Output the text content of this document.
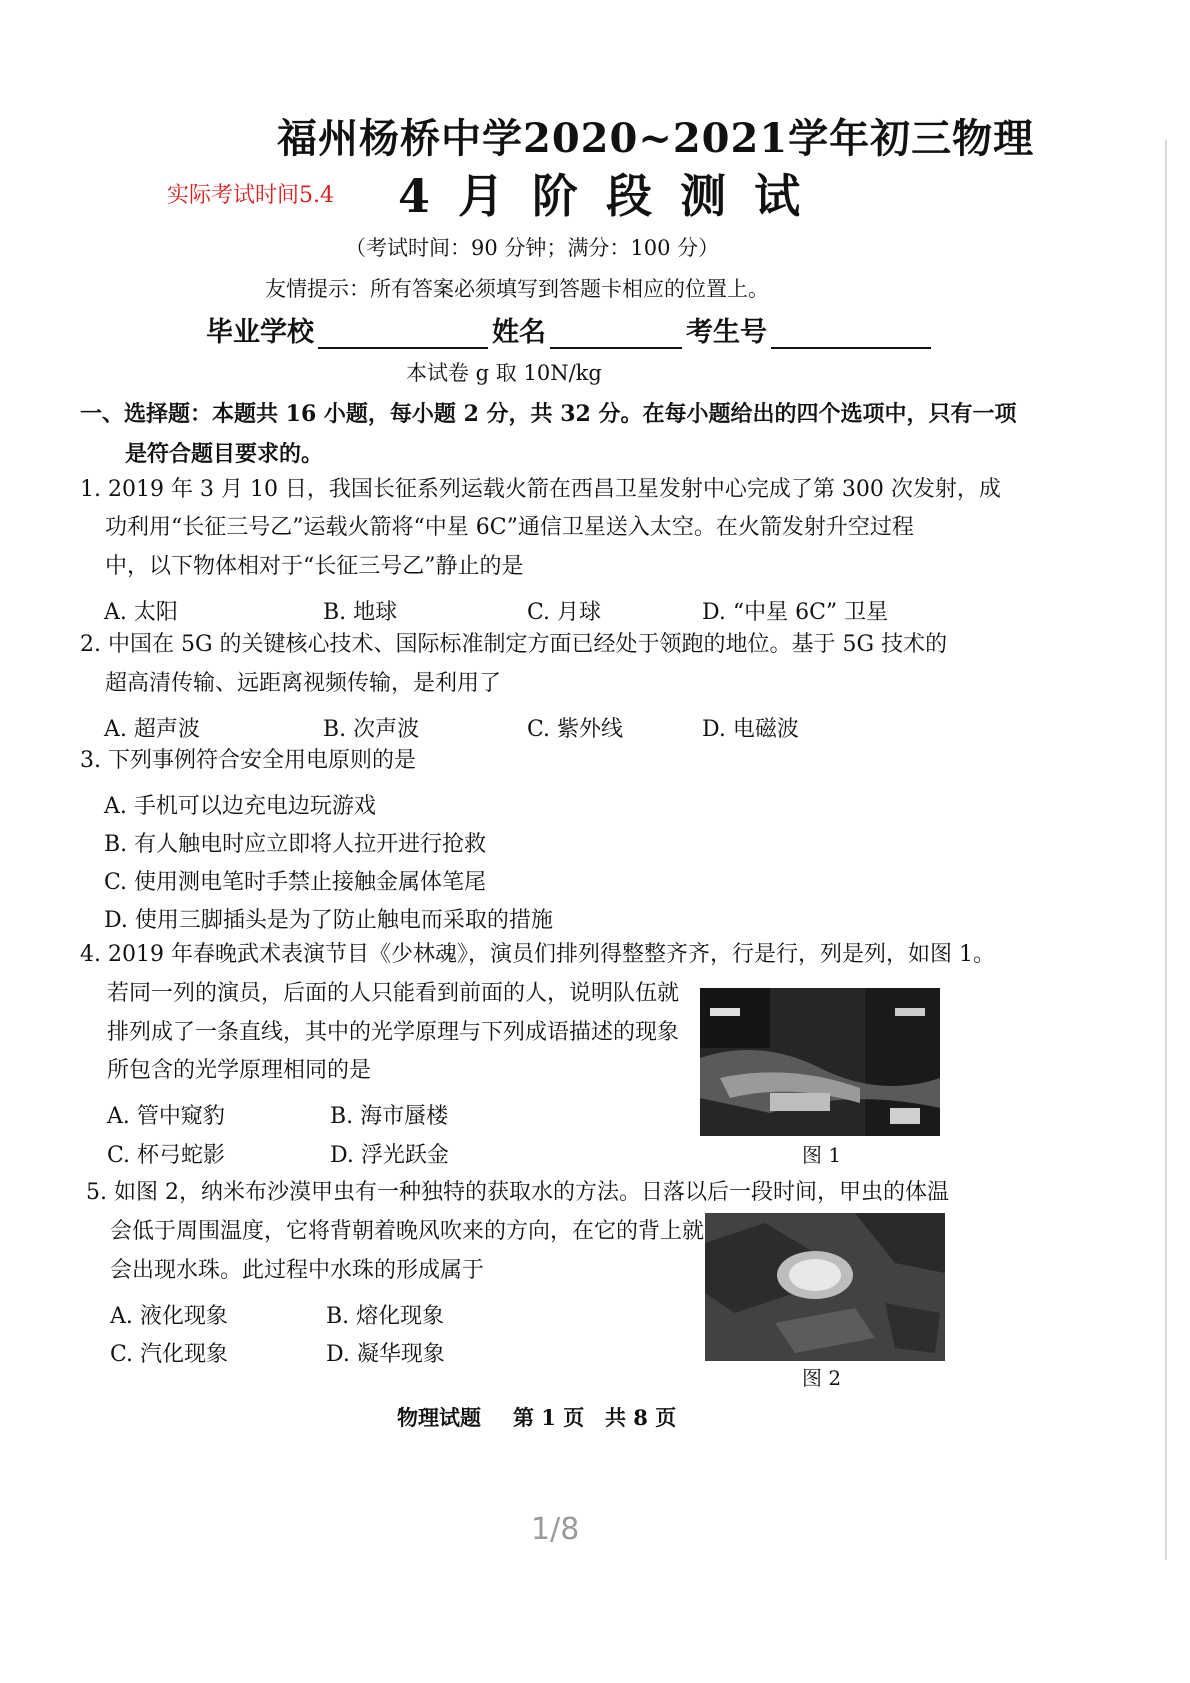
福州杨桥中学2020~2021学年初三物理
实际考试时间5.4 4 月 阶 段 测 试
（考试时间：90 分钟；满分：100 分）
友情提示：所有答案必须填写到答题卡相应的位置上。
毕业学校	姓名	考生号
本试卷 g 取 10N/kg
一、选择题：本题共 16 小题，每小题 2 分，共 32 分。在每小题给出的四个选项中，只有一项
是符合题目要求的。
1. 2019 年 3 月 10 日，我国长征系列运载火箭在西昌卫星发射中心完成了第 300 次发射，成
功利用“长征三号乙”运载火箭将“中星 6C”通信卫星送入太空。在火箭发射升空过程
中，以下物体相对于“长征三号乙”静止的是
A. 太阳	B. 地球	C. 月球	D. “中星 6C” 卫星
2. 中国在 5G 的关键核心技术、国际标准制定方面已经处于领跑的地位。基于 5G 技术的
超高清传输、远距离视频传输，是利用了
A. 超声波	B. 次声波	C. 紫外线	D. 电磁波
3. 下列事例符合安全用电原则的是
A. 手机可以边充电边玩游戏
B. 有人触电时应立即将人拉开进行抢救
C. 使用测电笔时手禁止接触金属体笔尾
D. 使用三脚插头是为了防止触电而采取的措施
4. 2019 年春晚武术表演节目《少林魂》，演员们排列得整整齐齐，行是行，列是列，如图 1。
若同一列的演员，后面的人只能看到前面的人，说明队伍就
排列成了一条直线，其中的光学原理与下列成语描述的现象
所包含的光学原理相同的是
A. 管中窥豹	B. 海市蜃楼
C. 杯弓蛇影	D. 浮光跃金	图 1
5. 如图 2，纳米布沙漠甲虫有一种独特的获取水的方法。日落以后一段时间，甲虫的体温
会低于周围温度，它将背朝着晚风吹来的方向，在它的背上就
会出现水珠。此过程中水珠的形成属于
A. 液化现象	B. 熔化现象
C. 汽化现象	D. 凝华现象
图 2
物理试题 第 1 页 共 8 页
1/8
